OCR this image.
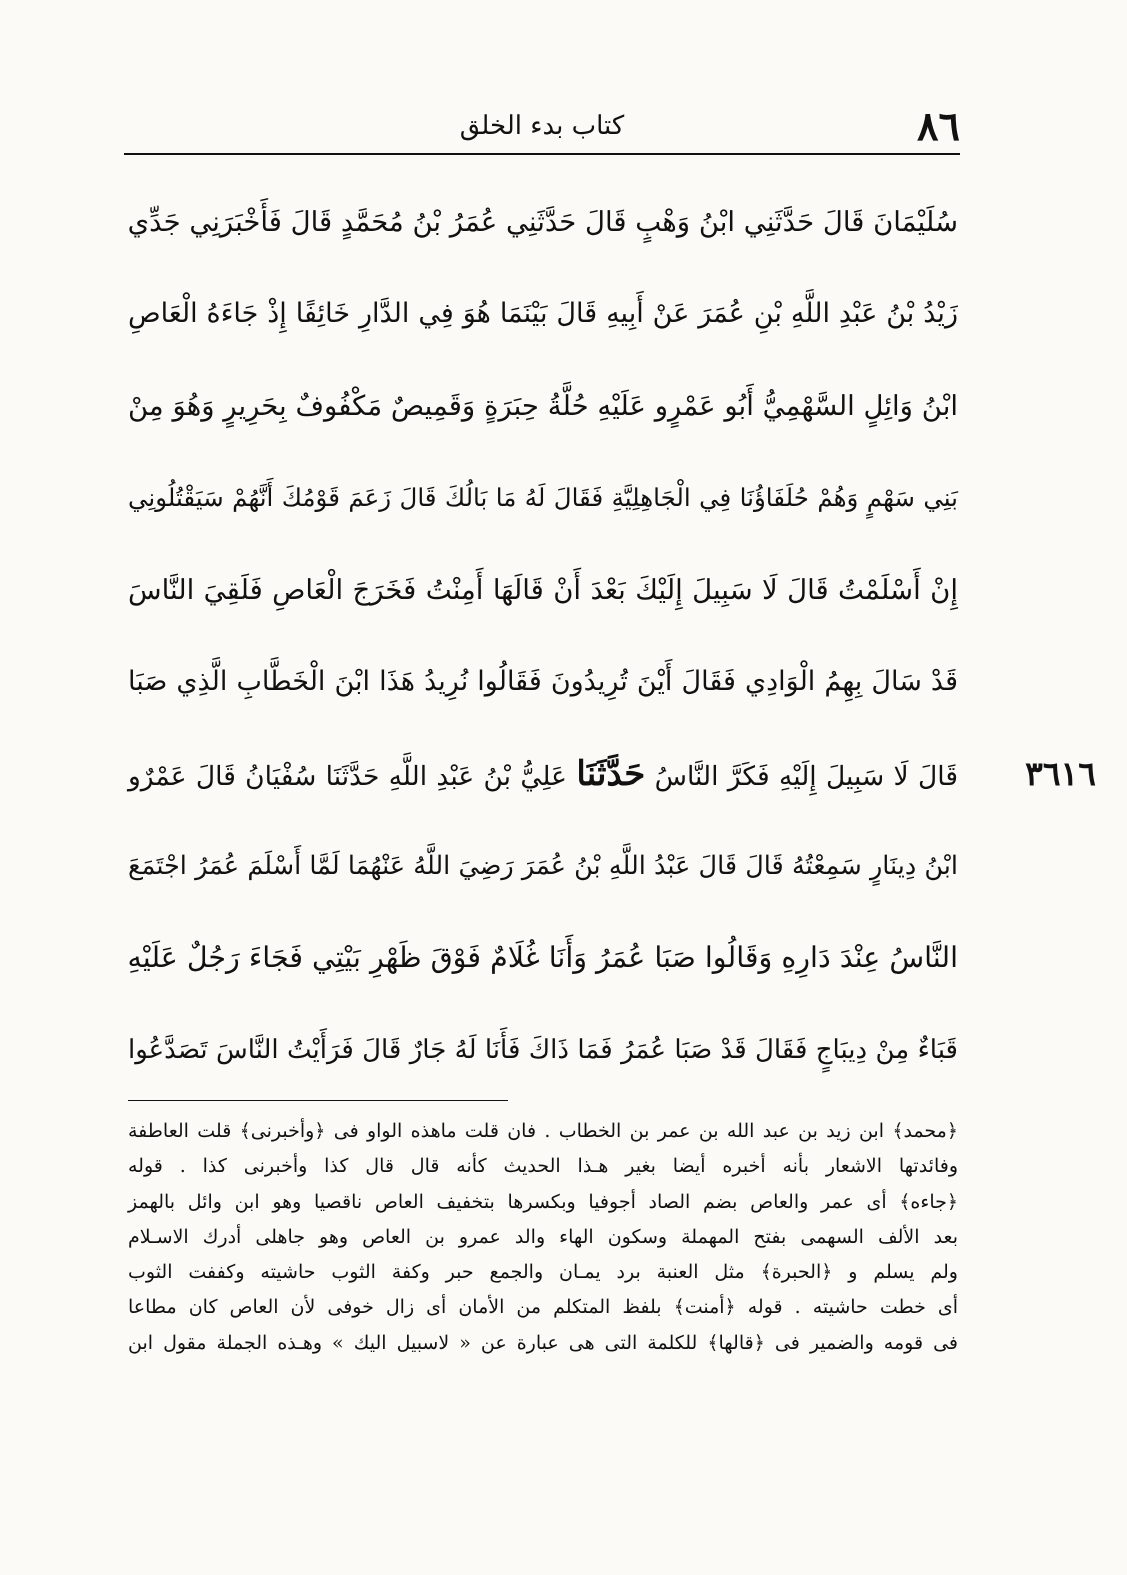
٨٦
كتاب بدء الخلق
سُلَيْمَانَ قَالَ حَدَّثَنِي ابْنُ وَهْبٍ قَالَ حَدَّثَنِي عُمَرُ بْنُ مُحَمَّدٍ قَالَ فَأَخْبَرَنِي جَدِّي
زَيْدُ بْنُ عَبْدِ اللَّهِ بْنِ عُمَرَ عَنْ أَبِيهِ قَالَ بَيْنَمَا هُوَ فِي الدَّارِ خَائِفًا إِذْ جَاءَهُ الْعَاصِ
ابْنُ وَائِلٍ السَّهْمِيُّ أَبُو عَمْرٍو عَلَيْهِ حُلَّةُ حِبَرَةٍ وَقَمِيصٌ مَكْفُوفٌ بِحَرِيرٍ وَهُوَ مِنْ
بَنِي سَهْمٍ وَهُمْ حُلَفَاؤُنَا فِي الْجَاهِلِيَّةِ فَقَالَ لَهُ مَا بَالُكَ قَالَ زَعَمَ قَوْمُكَ أَنَّهُمْ سَيَقْتُلُونِي
إِنْ أَسْلَمْتُ قَالَ لَا سَبِيلَ إِلَيْكَ بَعْدَ أَنْ قَالَهَا أَمِنْتُ فَخَرَجَ الْعَاصِ فَلَقِيَ النَّاسَ
قَدْ سَالَ بِهِمُ الْوَادِي فَقَالَ أَيْنَ تُرِيدُونَ فَقَالُوا نُرِيدُ هَذَا ابْنَ الْخَطَّابِ الَّذِي صَبَا
٣٦١٦
قَالَ لَا سَبِيلَ إِلَيْهِ فَكَرَّ النَّاسُ حَدَّثَنَا عَلِيُّ بْنُ عَبْدِ اللَّهِ حَدَّثَنَا سُفْيَانُ قَالَ عَمْرٌو
ابْنُ دِينَارٍ سَمِعْتُهُ قَالَ قَالَ عَبْدُ اللَّهِ بْنُ عُمَرَ رَضِيَ اللَّهُ عَنْهُمَا لَمَّا أَسْلَمَ عُمَرُ اجْتَمَعَ
النَّاسُ عِنْدَ دَارِهِ وَقَالُوا صَبَا عُمَرُ وَأَنَا غُلَامٌ فَوْقَ ظَهْرِ بَيْتِي فَجَاءَ رَجُلٌ عَلَيْهِ
قَبَاءٌ مِنْ دِيبَاجٍ فَقَالَ قَدْ صَبَا عُمَرُ فَمَا ذَاكَ فَأَنَا لَهُ جَارٌ قَالَ فَرَأَيْتُ النَّاسَ تَصَدَّعُوا
﴿محمد﴾ ابن زيد بن عبد الله بن عمر بن الخطاب . فان قلت ماهذه الواو فى ﴿وأخبرنى﴾ قلت العاطفة
وفائدتها الاشعار بأنه أخبره أيضا بغير هـذا الحديث كأنه قال قال كذا وأخبرنى كذا . قوله
﴿جاءه﴾ أى عمر والعاص بضم الصاد أجوفيا وبكسرها بتخفيف العاص ناقصيا وهو ابن وائل بالهمز
بعد الألف السهمى بفتح المهملة وسكون الهاء والد عمرو بن العاص وهو جاهلى أدرك الاسـلام
ولم يسلم و ﴿الحبرة﴾ مثل العنبة برد يمـان والجمع حبر وكفة الثوب حاشيته وكففت الثوب
أى خطت حاشيته . قوله ﴿أمنت﴾ بلفظ المتكلم من الأمان أى زال خوفى لأن العاص كان مطاعا
فى قومه والضمير فى ﴿قالها﴾ للكلمة التى هى عبارة عن « لاسبيل اليك » وهـذه الجملة مقول ابن
